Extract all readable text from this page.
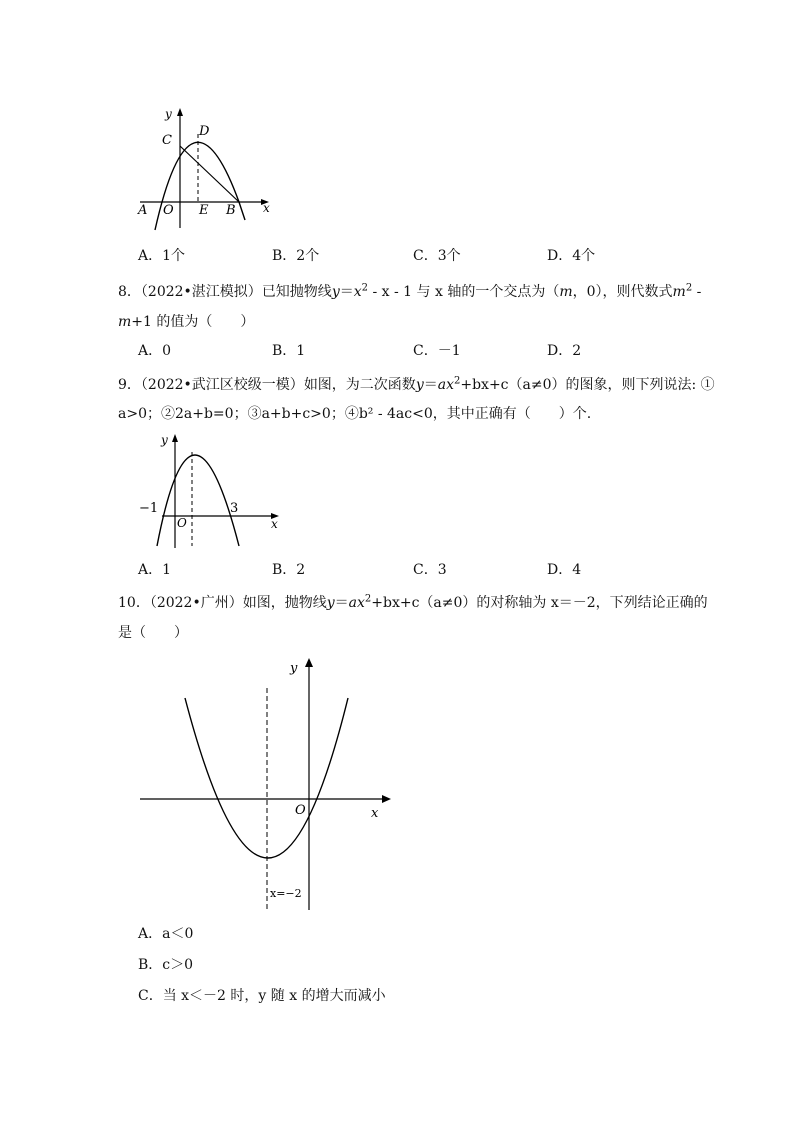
y
C
D
A O E B x
A．1个	B．2个	C．3个	D．4个
8．（2022•湛江模拟）已知抛物线$y=x^2 - x - 1$ 与 x 轴的一个交点为（m，0），则代数式$m^2$ -
m+1 的值为（　　）
A．0	B．1	C．－1	D．2
9．（2022•武江区校级一模）如图，为二次函数$y=ax^2+bx+c(a\ne 0)$的图象，则下列说法: ①
a>0；②2a+b=0；③a+b+c>0；④b² - 4ac<0，其中正确有（　　）个.
y
−1	3
O	x
A．1	B．2	C．3	D．4
10．（2022•广州）如图，抛物线$y=ax^2+bx+c(a\ne 0)$的对称轴为 x＝－2，下列结论正确的
是（　　）
y
O	x
x=−2
A．a＜0
B．c＞0
C．当 x＜－2 时，y 随 x 的增大而减小
